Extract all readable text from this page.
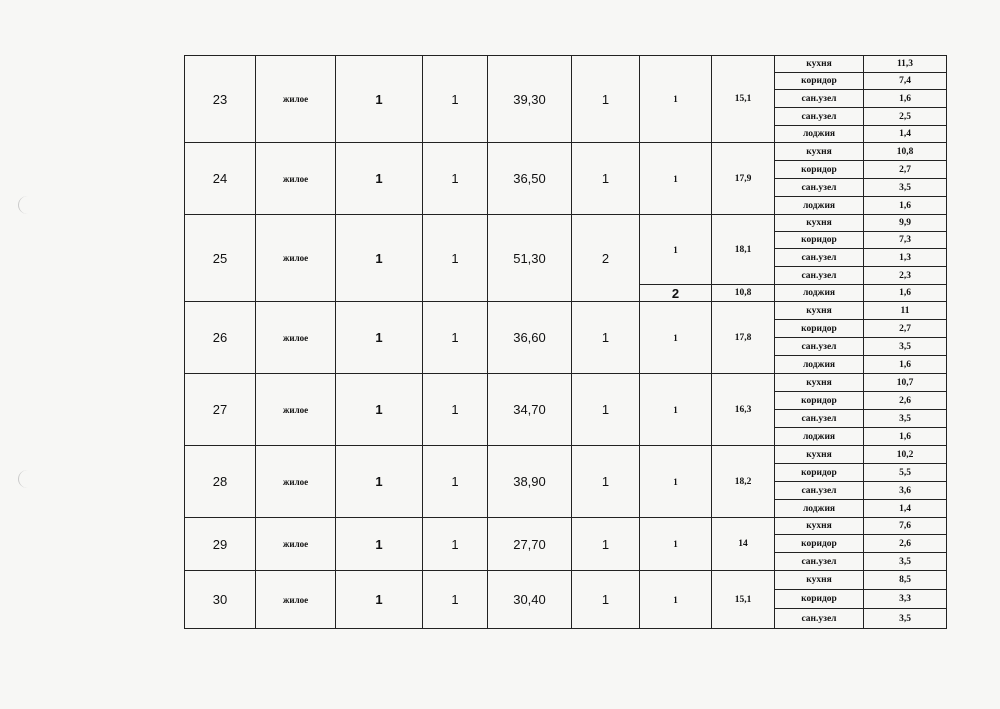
23	жилое	1	1	39,30	1	1	15,1	кухня	11,3
								коридор	7,4
								сан.узел	1,6
								сан.узел	2,5
								лоджия	1,4
24	жилое	1	1	36,50	1	1	17,9	кухня	10,8
								коридор	2,7
								сан.узел	3,5
								лоджия	1,6
25	жилое	1	1	51,30	2	1	18,1	кухня	9,9
								коридор	7,3
								сан.узел	1,3
								сан.узел	2,3
						2	10,8	лоджия	1,6
26	жилое	1	1	36,60	1	1	17,8	кухня	11
								коридор	2,7
								сан.узел	3,5
								лоджия	1,6
27	жилое	1	1	34,70	1	1	16,3	кухня	10,7
								коридор	2,6
								сан.узел	3,5
								лоджия	1,6
28	жилое	1	1	38,90	1	1	18,2	кухня	10,2
								коридор	5,5
								сан.узел	3,6
								лоджия	1,4
29	жилое	1	1	27,70	1	1	14	кухня	7,6
								коридор	2,6
								сан.узел	3,5
30	жилое	1	1	30,40	1	1	15,1	кухня	8,5
								коридор	3,3
								сан.узел	3,5
